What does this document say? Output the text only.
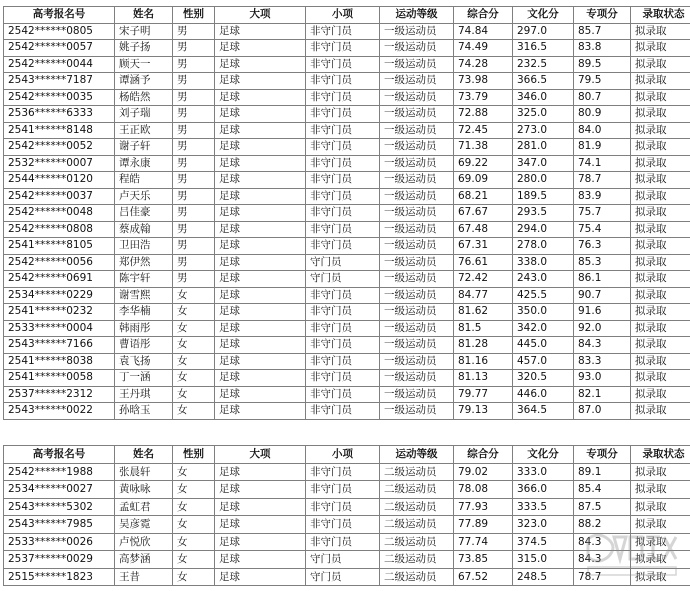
高考报名号	姓名	性别	大项	小项	运动等级	综合分	文化分	专项分	录取状态
2542******0805	宋子明	男	足球	非守门员	一级运动员	74.84	297.0	85.7	拟录取
2542******0057	姚子扬	男	足球	非守门员	一级运动员	74.49	316.5	83.8	拟录取
2542******0044	顾天一	男	足球	非守门员	一级运动员	74.28	232.5	89.5	拟录取
2543******7187	谭涵予	男	足球	非守门员	一级运动员	73.98	366.5	79.5	拟录取
2542******0035	杨皓然	男	足球	非守门员	一级运动员	73.79	346.0	80.7	拟录取
2536******6333	刘子瑞	男	足球	非守门员	一级运动员	72.88	325.0	80.9	拟录取
2541******8148	王正欧	男	足球	非守门员	一级运动员	72.45	273.0	84.0	拟录取
2542******0052	谢子轩	男	足球	非守门员	一级运动员	71.38	281.0	81.9	拟录取
2532******0007	谭永康	男	足球	非守门员	一级运动员	69.22	347.0	74.1	拟录取
2544******0120	程皓	男	足球	非守门员	一级运动员	69.09	280.0	78.7	拟录取
2542******0037	卢天乐	男	足球	非守门员	一级运动员	68.21	189.5	83.9	拟录取
2542******0048	吕佳豪	男	足球	非守门员	一级运动员	67.67	293.5	75.7	拟录取
2542******0808	蔡成翰	男	足球	非守门员	一级运动员	67.48	294.0	75.4	拟录取
2541******8105	卫田浩	男	足球	非守门员	一级运动员	67.31	278.0	76.3	拟录取
2542******0056	郑伊然	男	足球	守门员	一级运动员	76.61	338.0	85.3	拟录取
2542******0691	陈宇轩	男	足球	守门员	一级运动员	72.42	243.0	86.1	拟录取
2534******0229	谢雪熙	女	足球	非守门员	一级运动员	84.77	425.5	90.7	拟录取
2541******0232	李华楠	女	足球	非守门员	一级运动员	81.62	350.0	91.6	拟录取
2533******0004	韩雨彤	女	足球	非守门员	一级运动员	81.5	342.0	92.0	拟录取
2543******7166	曹语彤	女	足球	非守门员	一级运动员	81.28	445.0	84.3	拟录取
2541******8038	袁飞扬	女	足球	非守门员	一级运动员	81.16	457.0	83.3	拟录取
2541******0058	丁一涵	女	足球	非守门员	一级运动员	81.13	320.5	93.0	拟录取
2537******2312	王丹琪	女	足球	非守门员	一级运动员	79.77	446.0	82.1	拟录取
2543******0022	孙晗玉	女	足球	非守门员	一级运动员	79.13	364.5	87.0	拟录取
高考报名号	姓名	性别	大项	小项	运动等级	综合分	文化分	专项分	录取状态
2542******1988	张晨轩	女	足球	非守门员	二级运动员	79.02	333.0	89.1	拟录取
2534******0027	黄咏咏	女	足球	非守门员	二级运动员	78.08	366.0	85.4	拟录取
2543******5302	孟虹君	女	足球	非守门员	二级运动员	77.93	333.5	87.5	拟录取
2543******7985	吴彦霓	女	足球	非守门员	二级运动员	77.89	323.0	88.2	拟录取
2533******0026	卢悦欣	女	足球	非守门员	二级运动员	77.74	374.5	84.3	拟录取
2537******0029	高梦涵	女	足球	守门员	二级运动员	73.85	315.0	84.3	拟录取
2515******1823	王昔	女	足球	守门员	二级运动员	67.52	248.5	78.7	拟录取
